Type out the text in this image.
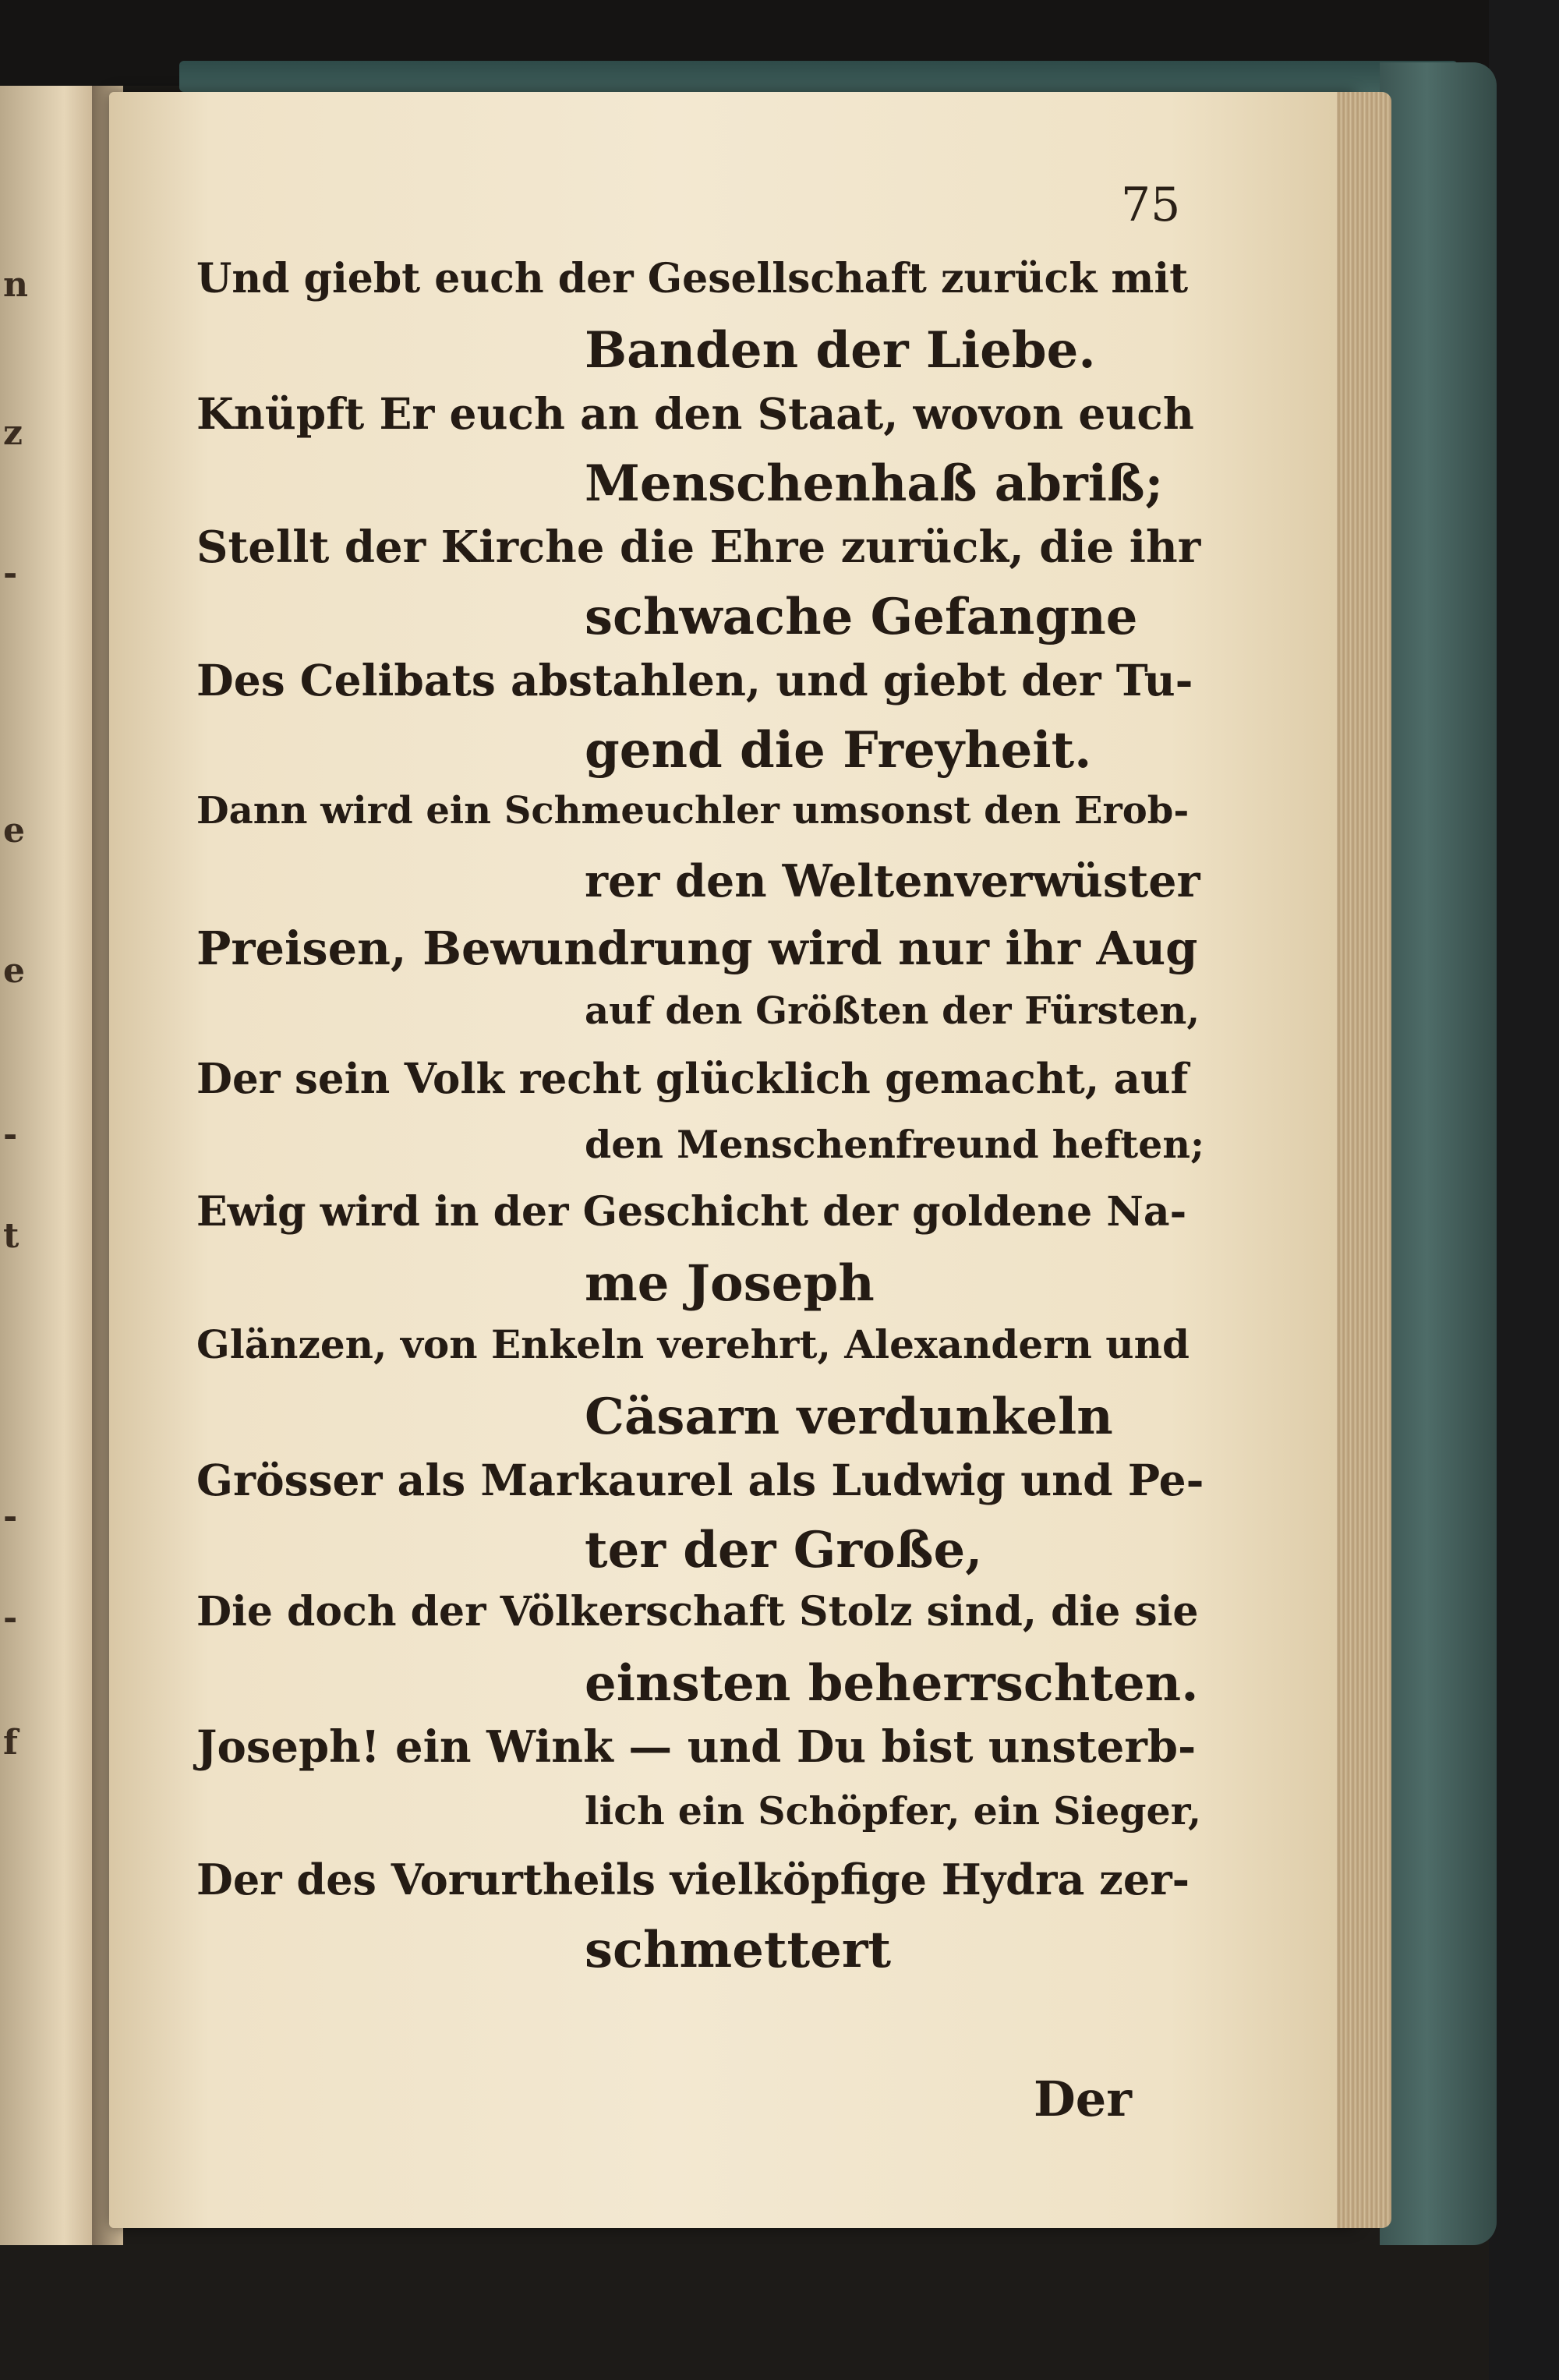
n
z
-
e
e
-
t
-
-
f
75
Und giebt euch der Gesellschaft zurück mit
Banden der Liebe.
Knüpft Er euch an den Staat, wovon euch
Menschenhaß abriß;
Stellt der Kirche die Ehre zurück, die ihr
schwache Gefangne
Des Celibats abstahlen, und giebt der Tu-
gend die Freyheit.
Dann wird ein Schmeuchler umsonst den Erob-
rer den Weltenverwüster
Preisen, Bewundrung wird nur ihr Aug
auf den Größten der Fürsten,
Der sein Volk recht glücklich gemacht, auf
den Menschenfreund heften;
Ewig wird in der Geschicht der goldene Na-
me Joseph
Glänzen, von Enkeln verehrt, Alexandern und
Cäsarn verdunkeln
Grösser als Markaurel als Ludwig und Pe-
ter der Große,
Die doch der Völkerschaft Stolz sind, die sie
einsten beherrschten.
Joseph! ein Wink — und Du bist unsterb-
lich ein Schöpfer, ein Sieger,
Der des Vorurtheils vielköpfige Hydra zer-
schmettert
Der
